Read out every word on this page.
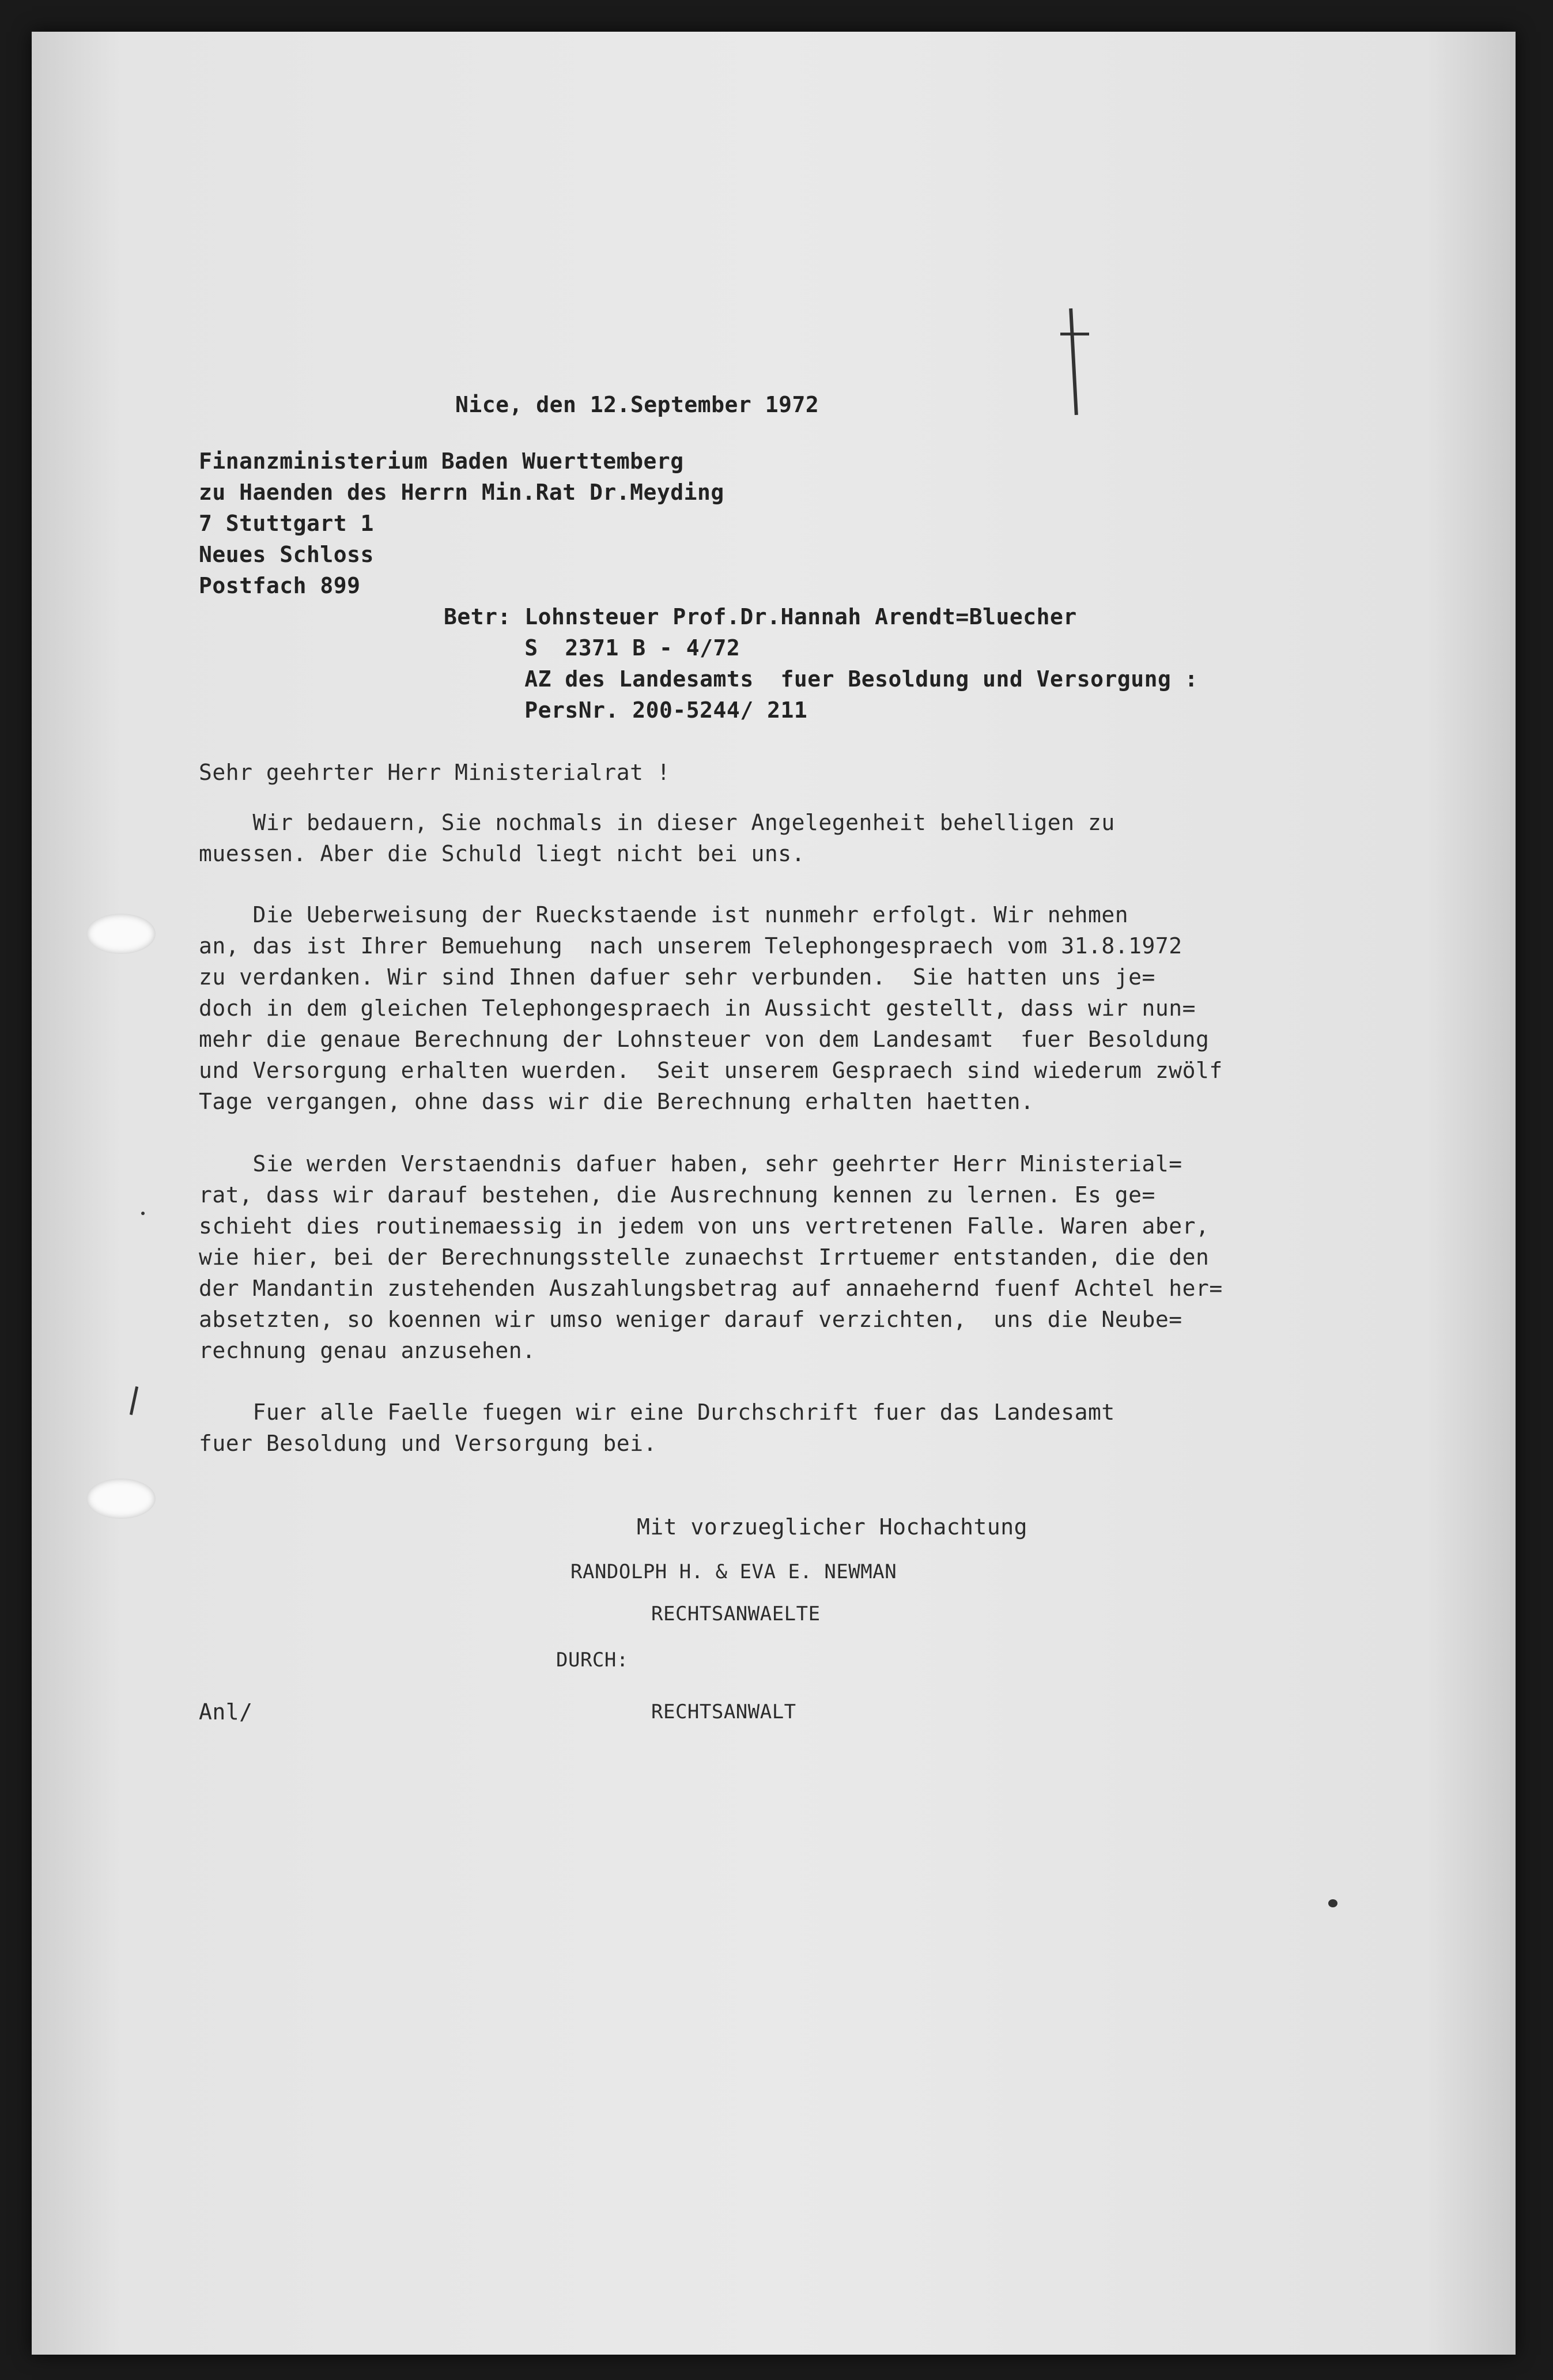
Nice, den 12.September 1972
Finanzministerium Baden Wuerttemberg
zu Haenden des Herrn Min.Rat Dr.Meyding
7 Stuttgart 1
Neues Schloss
Postfach 899
Betr: Lohnsteuer Prof.Dr.Hannah Arendt=Bluecher
S  2371 B - 4/72
AZ des Landesamts  fuer Besoldung und Versorgung :
PersNr. 200-5244/ 211
Sehr geehrter Herr Ministerialrat !
Wir bedauern, Sie nochmals in dieser Angelegenheit behelligen zu
muessen. Aber die Schuld liegt nicht bei uns.
Die Ueberweisung der Rueckstaende ist nunmehr erfolgt. Wir nehmen
an, das ist Ihrer Bemuehung  nach unserem Telephongespraech vom 31.8.1972
zu verdanken. Wir sind Ihnen dafuer sehr verbunden.  Sie hatten uns je=
doch in dem gleichen Telephongespraech in Aussicht gestellt, dass wir nun=
mehr die genaue Berechnung der Lohnsteuer von dem Landesamt  fuer Besoldung
und Versorgung erhalten wuerden.  Seit unserem Gespraech sind wiederum zwölf
Tage vergangen, ohne dass wir die Berechnung erhalten haetten.
Sie werden Verstaendnis dafuer haben, sehr geehrter Herr Ministerial=
rat, dass wir darauf bestehen, die Ausrechnung kennen zu lernen. Es ge=
schieht dies routinemaessig in jedem von uns vertretenen Falle. Waren aber,
wie hier, bei der Berechnungsstelle zunaechst Irrtuemer entstanden, die den
der Mandantin zustehenden Auszahlungsbetrag auf annaehernd fuenf Achtel her=
absetzten, so koennen wir umso weniger darauf verzichten,  uns die Neube=
rechnung genau anzusehen.
Fuer alle Faelle fuegen wir eine Durchschrift fuer das Landesamt
fuer Besoldung und Versorgung bei.
Mit vorzueglicher Hochachtung
RANDOLPH H. & EVA E. NEWMAN
RECHTSANWAELTE
DURCH:
Anl/	RECHTSANWALT
